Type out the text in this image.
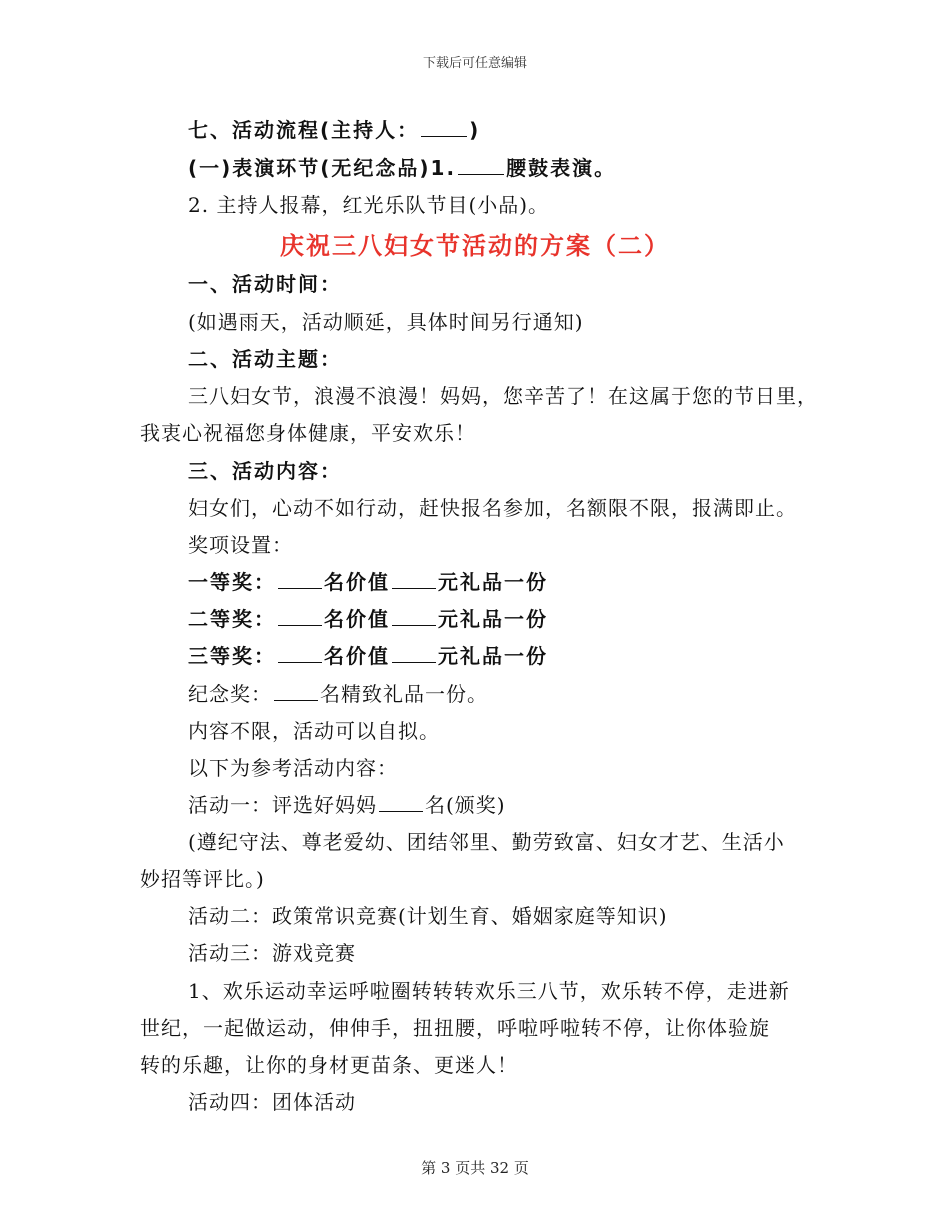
下载后可任意编辑
七、活动流程(主持人：	)
(一)表演环节(无纪念品)1.	腰鼓表演。
2. 主持人报幕，红光乐队节目(小品)。
庆祝三八妇女节活动的方案（二）
一、活动时间：
(如遇雨天，活动顺延，具体时间另行通知)
二、活动主题：
三八妇女节，浪漫不浪漫！妈妈，您辛苦了！在这属于您的节日里，
我衷心祝福您身体健康，平安欢乐！
三、活动内容：
妇女们，心动不如行动，赶快报名参加，名额限不限，报满即止。
奖项设置：
一等奖： 名价值 元礼品一份
二等奖： 名价值 元礼品一份
三等奖： 名价值 元礼品一份
纪念奖： 名精致礼品一份。
内容不限，活动可以自拟。
以下为参考活动内容：
活动一：评选好妈妈 名(颁奖)
(遵纪守法、尊老爱幼、团结邻里、勤劳致富、妇女才艺、生活小
妙招等评比。)
活动二：政策常识竞赛(计划生育、婚姻家庭等知识)
活动三：游戏竞赛
1、欢乐运动幸运呼啦圈转转转欢乐三八节，欢乐转不停，走进新
世纪，一起做运动，伸伸手，扭扭腰，呼啦呼啦转不停，让你体验旋
转的乐趣，让你的身材更苗条、更迷人！
活动四：团体活动
第 3 页共 32 页
